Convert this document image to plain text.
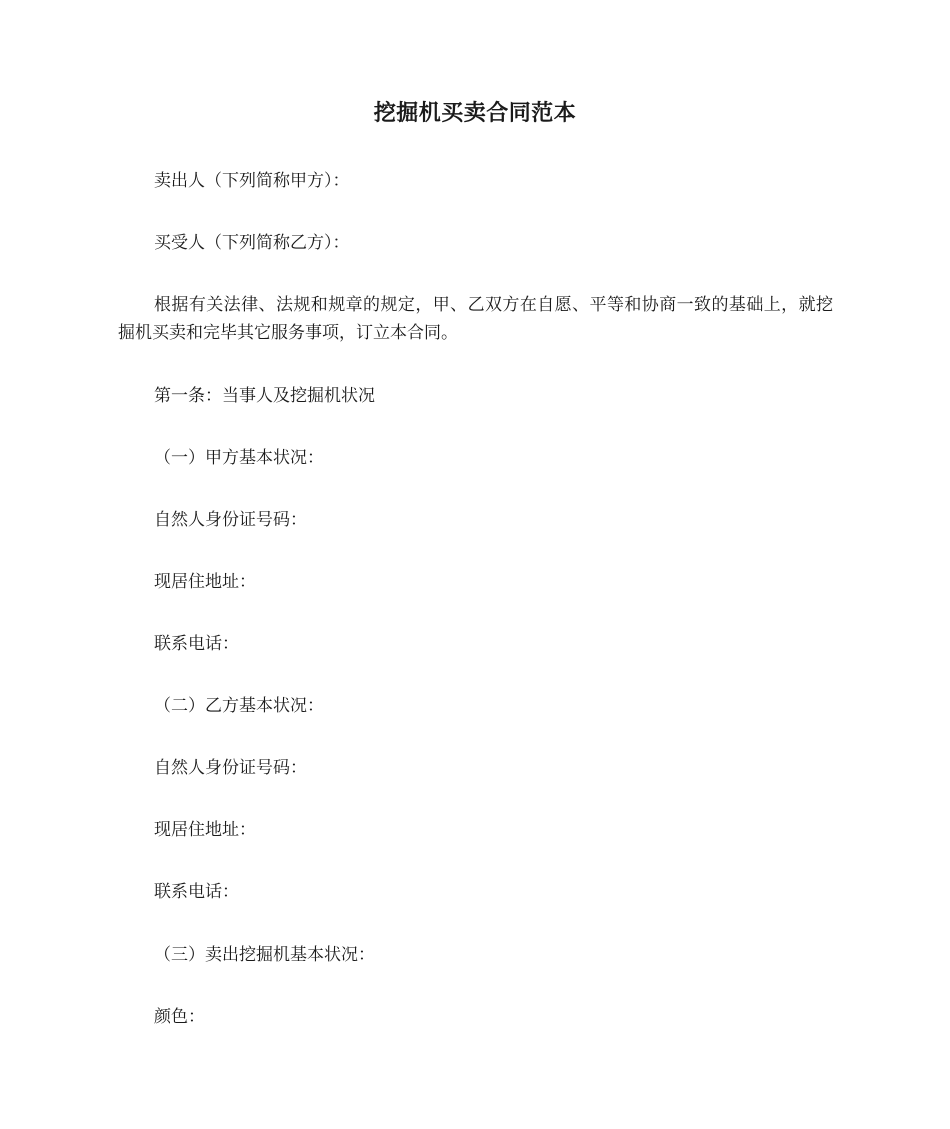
挖掘机买卖合同范本

卖出人（下列简称甲方）：

买受人（下列简称乙方）：

根据有关法律、法规和规章的规定，甲、乙双方在自愿、平等和协商一致的基础上，就挖掘机买卖和完毕其它服务事项，订立本合同。

第一条：当事人及挖掘机状况

（一）甲方基本状况：

自然人身份证号码：

现居住地址：

联系电话：

（二）乙方基本状况：

自然人身份证号码：

现居住地址：

联系电话：

（三）卖出挖掘机基本状况：

颜色：
